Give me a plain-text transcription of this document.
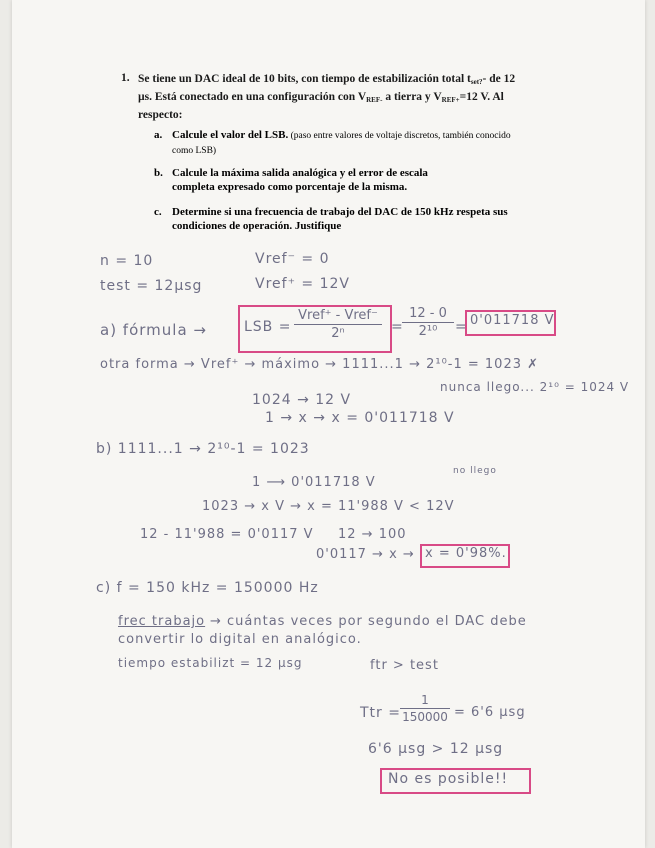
1. Se tiene un DAC ideal de 10 bits, con tiempo de estabilización total $t_{set?}-$ de 12 µs. Está conectado en una configuración con $V_{REF-}$ a tierra y $V_{REF+}=12$ V. Al respecto:
a. Calcule el valor del LSB. (paso entre valores de voltaje discretos, también conocido como LSB)
b. Calcule la máxima salida analógica y el error de escala completa expresado como porcentaje de la misma.
c. Determine si una frecuencia de trabajo del DAC de 150 kHz respeta sus condiciones de operación. Justifique
n = 10	Vref⁻ = 0
test = 12µsg	Vref⁺ = 12V
a) fórmula →	LSB =
Vref⁺ - Vref⁻
2ⁿ	=
12 - 0
2¹⁰	= 0'011718 V
otra forma → Vref⁺ → máximo → 1111...1 → 2¹⁰-1 = 1023 ✗
nunca llego... 2¹⁰ = 1024 V
1024 → 12 V
1 → x → x = 0'011718 V
b) 1111...1 → 2¹⁰-1 = 1023
1 ⟶ 0'011718 V
no llego
1023 → x V → x = 11'988 V < 12V
12 - 11'988 = 0'0117 V 12 → 100
0'0117 → x → x = 0'98%.
c) f = 150 kHz = 150000 Hz
frec trabajo → cuántas veces por segundo el DAC debe
convertir lo digital en analógico.
tiempo estabilizt = 12 µsg	ftr > test
Ttr =
1
150000 = 6'6 µsg
6'6 µsg > 12 µsg
No es posible!!
